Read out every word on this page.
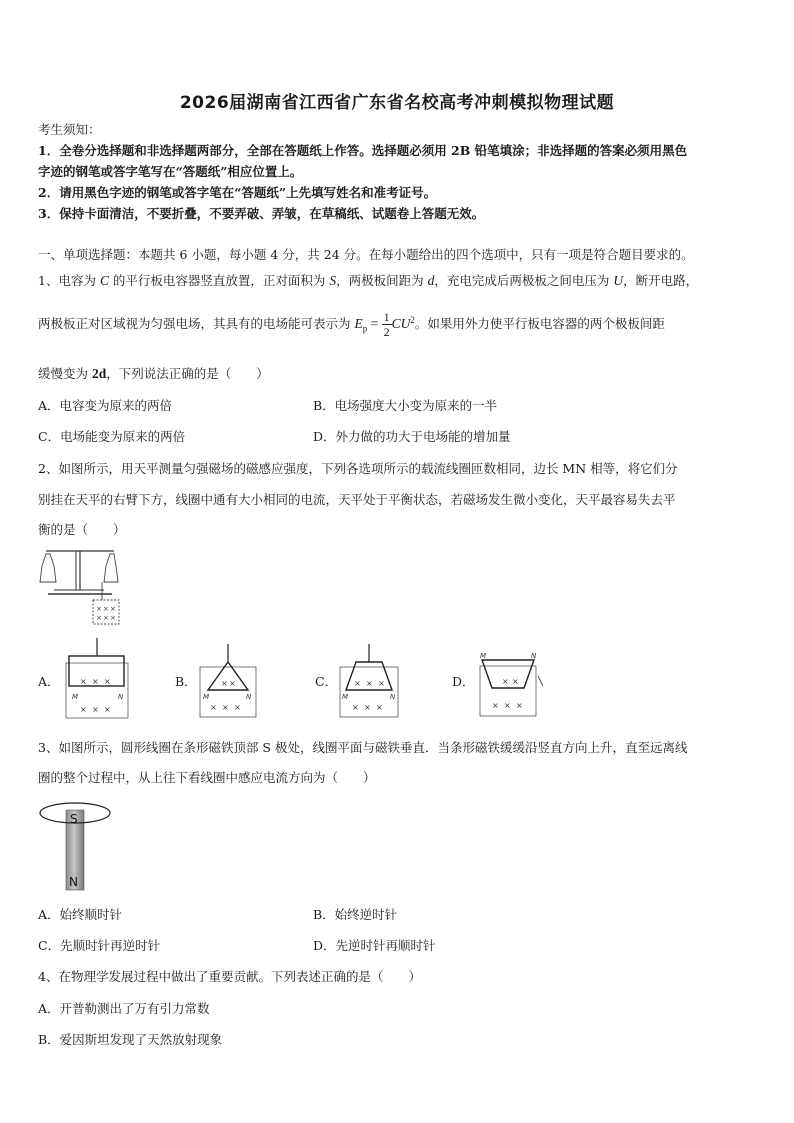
2026届湖南省江西省广东省名校高考冲刺模拟物理试题
考生须知：
1．全卷分选择题和非选择题两部分，全部在答题纸上作答。选择题必须用 2B 铅笔填涂；非选择题的答案必须用黑色
字迹的钢笔或答字笔写在“答题纸”相应位置上。
2．请用黑色字迹的钢笔或答字笔在“答题纸”上先填写姓名和准考证号。
3．保持卡面清洁，不要折叠，不要弄破、弄皱，在草稿纸、试题卷上答题无效。
一、单项选择题：本题共 6 小题，每小题 4 分，共 24 分。在每小题给出的四个选项中，只有一项是符合题目要求的。
1、电容为 C 的平行板电容器竖直放置，正对面积为 S，两极板间距为 d，充电完成后两极板之间电压为 U，断开电路，
两极板正对区域视为匀强电场，其具有的电场能可表示为 $E_p = \frac{1}{2} CU^2$。如果用外力使平行板电容器的两个极板间距
缓慢变为 2d，下列说法正确的是（　　）
A．电容变为原来的两倍	B．电场强度大小变为原来的一半
C．电场能变为原来的两倍	D．外力做的功大于电场能的增加量
2、如图所示，用天平测量匀强磁场的磁感应强度，下列各选项所示的载流线圈匝数相同，边长 MN 相等，将它们分
别挂在天平的右臂下方，线圈中通有大小相同的电流，天平处于平衡状态，若磁场发生微小变化，天平最容易失去平
衡的是（　　）
× × ×
× × ×
A．	B．	C．	D．
× × ×
M	N
× × ×
× ×
M	N
× × ×
× × ×
M	N
× × ×
M	N
× ×
× × ×
3、如图所示，圆形线圈在条形磁铁顶部 S 极处，线圈平面与磁铁垂直．当条形磁铁缓缓沿竖直方向上升，直至远离线
圈的整个过程中，从上往下看线圈中感应电流方向为（　　）
S
N
A．始终顺时针	B．始终逆时针
C．先顺时针再逆时针	D．先逆时针再顺时针
4、在物理学发展过程中做出了重要贡献。下列表述正确的是（　　）
A．开普勒测出了万有引力常数
B．爱因斯坦发现了天然放射现象
